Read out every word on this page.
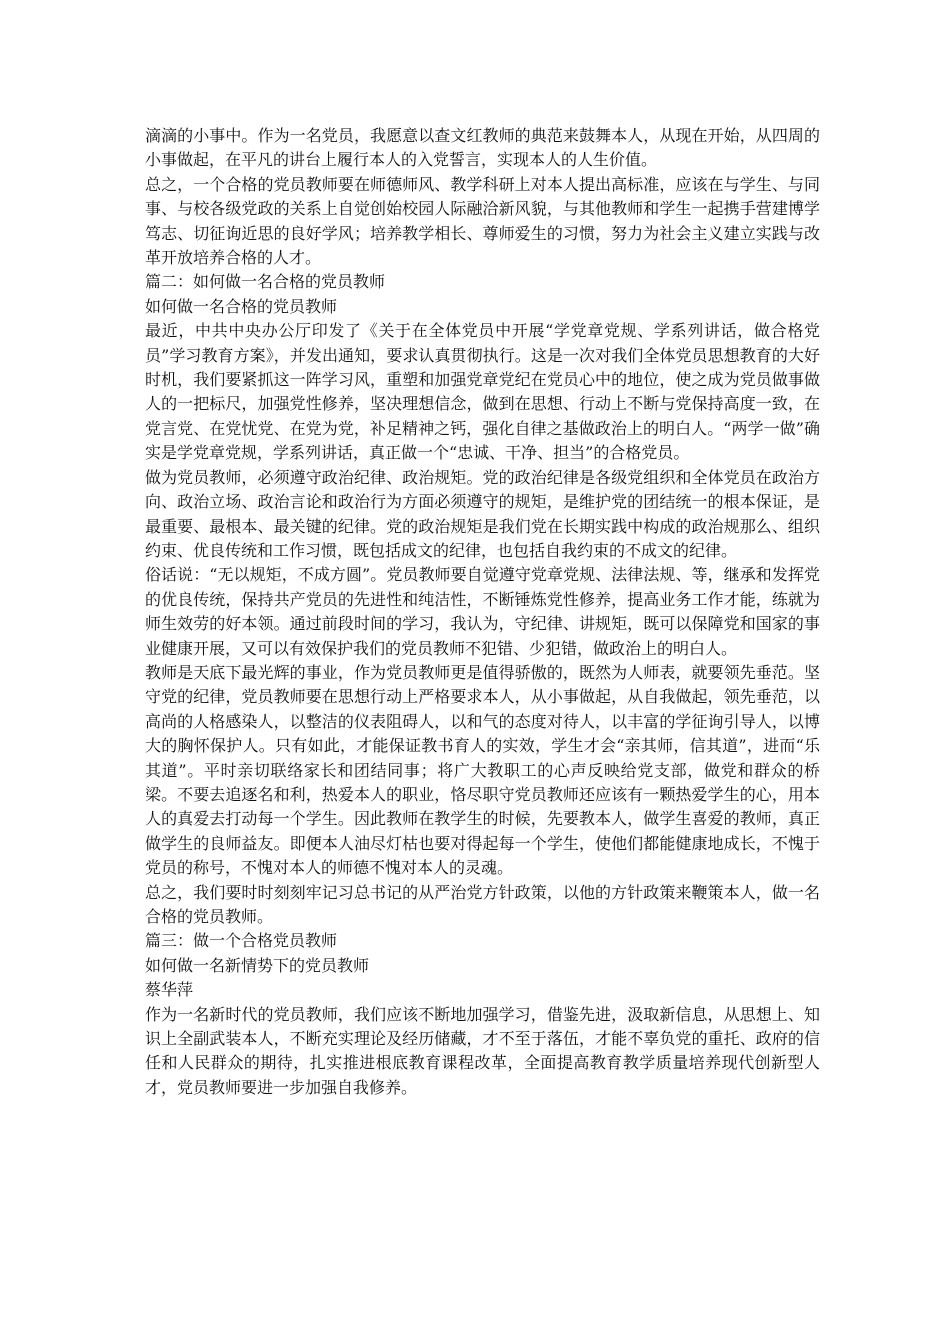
滴滴的小事中。作为一名党员，我愿意以查文红教师的典范来鼓舞本人，从现在开始，从四周的小事做起，在平凡的讲台上履行本人的入党誓言，实现本人的人生价值。

总之，一个合格的党员教师要在师德师风、教学科研上对本人提出高标准，应该在与学生、与同事、与校各级党政的关系上自觉创始校园人际融洽新风貌，与其他教师和学生一起携手营建博学笃志、切征询近思的良好学风；培养教学相长、尊师爱生的习惯，努力为社会主义建立实践与改革开放培养合格的人才。

篇二：如何做一名合格的党员教师

如何做一名合格的党员教师

最近，中共中央办公厅印发了《关于在全体党员中开展“学党章党规、学系列讲话，做合格党员”学习教育方案》，并发出通知，要求认真贯彻执行。这是一次对我们全体党员思想教育的大好时机，我们要紧抓这一阵学习风，重塑和加强党章党纪在党员心中的地位，使之成为党员做事做人的一把标尺，加强党性修养，坚决理想信念，做到在思想、行动上不断与党保持高度一致，在党言党、在党忧党、在党为党，补足精神之钙，强化自律之基做政治上的明白人。“两学一做”确实是学党章党规，学系列讲话，真正做一个“忠诚、干净、担当”的合格党员。

做为党员教师，必须遵守政治纪律、政治规矩。党的政治纪律是各级党组织和全体党员在政治方向、政治立场、政治言论和政治行为方面必须遵守的规矩，是维护党的团结统一的根本保证，是最重要、最根本、最关键的纪律。党的政治规矩是我们党在长期实践中构成的政治规那么、组织约束、优良传统和工作习惯，既包括成文的纪律，也包括自我约束的不成文的纪律。

俗话说：“无以规矩，不成方圆”。党员教师要自觉遵守党章党规、法律法规、等，继承和发挥党的优良传统，保持共产党员的先进性和纯洁性，不断锤炼党性修养，提高业务工作才能，练就为师生效劳的好本领。通过前段时间的学习，我认为，守纪律、讲规矩，既可以保障党和国家的事业健康开展，又可以有效保护我们的党员教师不犯错、少犯错，做政治上的明白人。

教师是天底下最光辉的事业，作为党员教师更是值得骄傲的，既然为人师表，就要领先垂范。坚守党的纪律，党员教师要在思想行动上严格要求本人，从小事做起，从自我做起，领先垂范，以高尚的人格感染人，以整洁的仪表阻碍人，以和气的态度对待人，以丰富的学征询引导人，以博大的胸怀保护人。只有如此，才能保证教书育人的实效，学生才会“亲其师，信其道”，进而“乐其道”。平时亲切联络家长和团结同事；将广大教职工的心声反映给党支部，做党和群众的桥梁。不要去追逐名和利，热爱本人的职业，恪尽职守党员教师还应该有一颗热爱学生的心，用本人的真爱去打动每一个学生。因此教师在教学生的时候，先要教本人，做学生喜爱的教师，真正做学生的良师益友。即便本人油尽灯枯也要对得起每一个学生，使他们都能健康地成长，不愧于党员的称号，不愧对本人的师德不愧对本人的灵魂。

总之，我们要时时刻刻牢记习总书记的从严治党方针政策，以他的方针政策来鞭策本人，做一名合格的党员教师。

篇三：做一个合格党员教师

如何做一名新情势下的党员教师

蔡华萍

作为一名新时代的党员教师，我们应该不断地加强学习，借鉴先进，汲取新信息，从思想上、知识上全副武装本人，不断充实理论及经历储藏，才不至于落伍，才能不辜负党的重托、政府的信任和人民群众的期待，扎实推进根底教育课程改革，全面提高教育教学质量培养现代创新型人才，党员教师要进一步加强自我修养。
